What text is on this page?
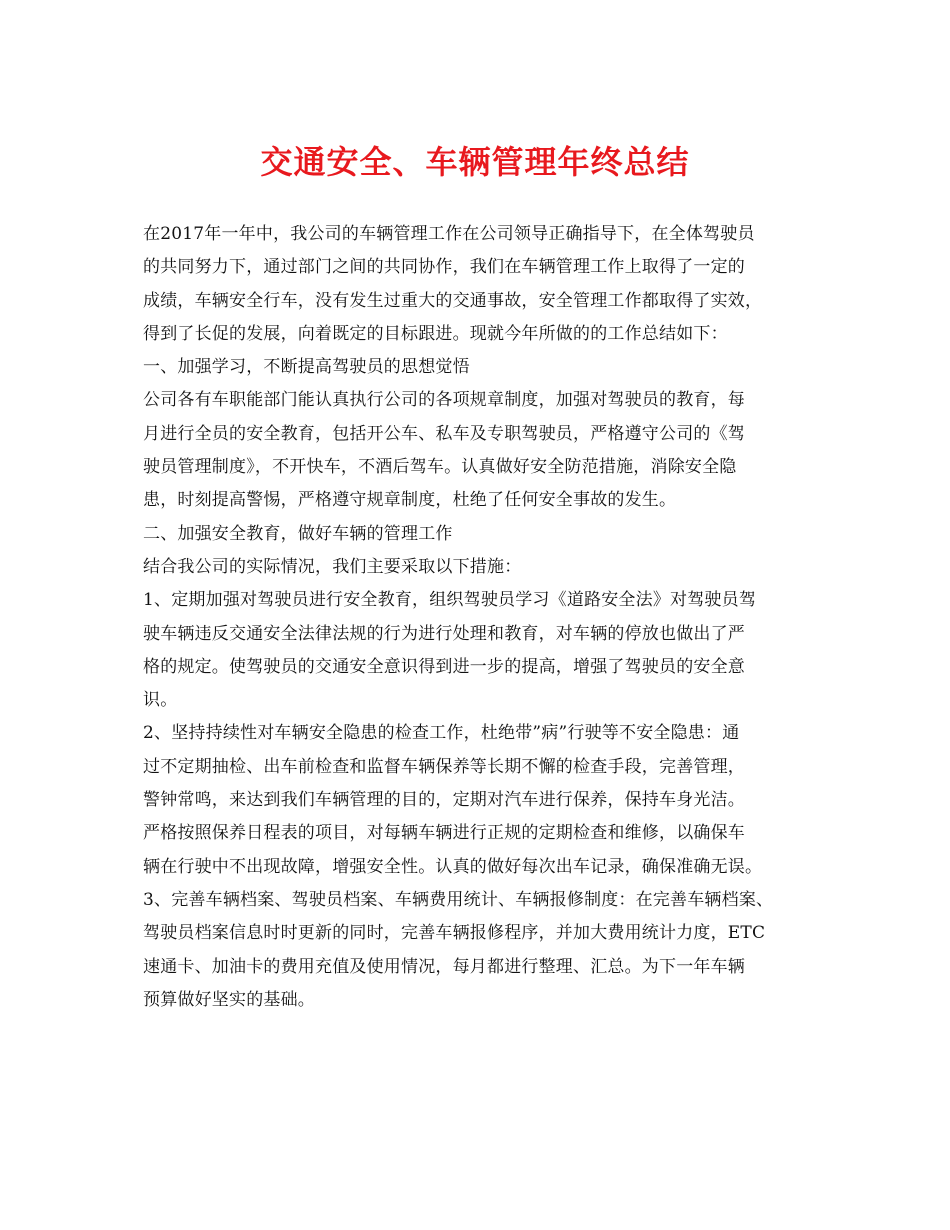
交通安全、车辆管理年终总结
在2017年一年中，我公司的车辆管理工作在公司领导正确指导下，在全体驾驶员
的共同努力下，通过部门之间的共同协作，我们在车辆管理工作上取得了一定的
成绩，车辆安全行车，没有发生过重大的交通事故，安全管理工作都取得了实效，
得到了长促的发展，向着既定的目标跟进。现就今年所做的的工作总结如下：
一、加强学习，不断提高驾驶员的思想觉悟
公司各有车职能部门能认真执行公司的各项规章制度，加强对驾驶员的教育，每
月进行全员的安全教育，包括开公车、私车及专职驾驶员，严格遵守公司的《驾
驶员管理制度》，不开快车，不酒后驾车。认真做好安全防范措施，消除安全隐
患，时刻提高警惕，严格遵守规章制度，杜绝了任何安全事故的发生。
二、加强安全教育，做好车辆的管理工作
结合我公司的实际情况，我们主要采取以下措施：
1、定期加强对驾驶员进行安全教育，组织驾驶员学习《道路安全法》对驾驶员驾
驶车辆违反交通安全法律法规的行为进行处理和教育，对车辆的停放也做出了严
格的规定。使驾驶员的交通安全意识得到进一步的提高，增强了驾驶员的安全意
识。
2、坚持持续性对车辆安全隐患的检查工作，杜绝带”病”行驶等不安全隐患：通
过不定期抽检、出车前检查和监督车辆保养等长期不懈的检查手段，完善管理，
警钟常鸣，来达到我们车辆管理的目的，定期对汽车进行保养，保持车身光洁。
严格按照保养日程表的项目，对每辆车辆进行正规的定期检查和维修，以确保车
辆在行驶中不出现故障，增强安全性。认真的做好每次出车记录，确保准确无误。
3、完善车辆档案、驾驶员档案、车辆费用统计、车辆报修制度：在完善车辆档案、
驾驶员档案信息时时更新的同时，完善车辆报修程序，并加大费用统计力度，ETC
速通卡、加油卡的费用充值及使用情况，每月都进行整理、汇总。为下一年车辆
预算做好坚实的基础。
